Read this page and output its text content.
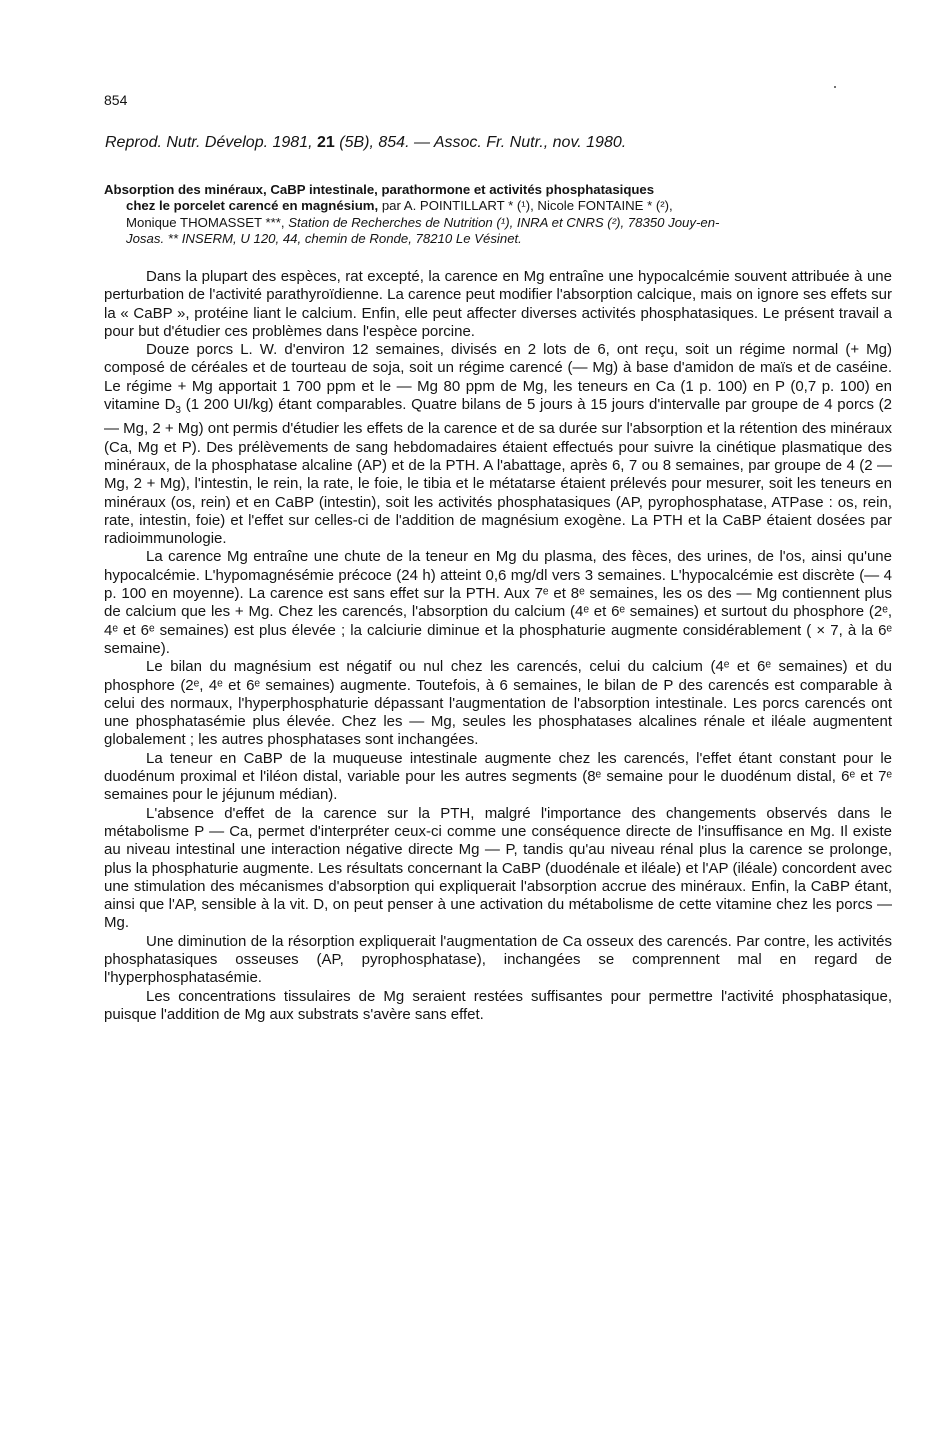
854
Reprod. Nutr. Dévelop. 1981, 21 (5B), 854. — Assoc. Fr. Nutr., nov. 1980.
Absorption des minéraux, CaBP intestinale, parathormone et activités phosphatasiques
chez le porcelet carencé en magnésium, par A. POINTILLART * (¹), Nicole FONTAINE * (²),
Monique THOMASSET ***, Station de Recherches de Nutrition (¹), INRA et CNRS (²), 78350 Jouy-en-
Josas. ** INSERM, U 120, 44, chemin de Ronde, 78210 Le Vésinet.

Dans la plupart des espèces, rat excepté, la carence en Mg entraîne une hypocalcémie souvent attribuée à une perturbation de l'activité parathyroïdienne. La carence peut modifier l'absorption calcique, mais on ignore ses effets sur la « CaBP », protéine liant le calcium. Enfin, elle peut affecter diverses activités phosphatasiques. Le présent travail a pour but d'étudier ces problèmes dans l'espèce porcine.

Douze porcs L. W. d'environ 12 semaines, divisés en 2 lots de 6, ont reçu, soit un régime normal (+ Mg) composé de céréales et de tourteau de soja, soit un régime carencé (— Mg) à base d'amidon de maïs et de caséine. Le régime + Mg apportait 1 700 ppm et le — Mg 80 ppm de Mg, les teneurs en Ca (1 p. 100) en P (0,7 p. 100) en vitamine $D_3$ (1 200 UI/kg) étant comparables. Quatre bilans de 5 jours à 15 jours d'intervalle par groupe de 4 porcs (2 — Mg, 2 + Mg) ont permis d'étudier les effets de la carence et de sa durée sur l'absorption et la rétention des minéraux (Ca, Mg et P). Des prélèvements de sang hebdomadaires étaient effectués pour suivre la cinétique plasmatique des minéraux, de la phosphatase alcaline (AP) et de la PTH. A l'abattage, après 6, 7 ou 8 semaines, par groupe de 4 (2 — Mg, 2 + Mg), l'intestin, le rein, la rate, le foie, le tibia et le métatarse étaient prélevés pour mesurer, soit les teneurs en minéraux (os, rein) et en CaBP (intestin), soit les activités phosphatasiques (AP, pyrophosphatase, ATPase : os, rein, rate, intestin, foie) et l'effet sur celles-ci de l'addition de magnésium exogène. La PTH et la CaBP étaient dosées par radioimmunologie.

La carence Mg entraîne une chute de la teneur en Mg du plasma, des fèces, des urines, de l'os, ainsi qu'une hypocalcémie. L'hypomagnésémie précoce (24 h) atteint 0,6 mg/dl vers 3 semaines. L'hypocalcémie est discrète (— 4 p. 100 en moyenne). La carence est sans effet sur la PTH. Aux 7ᵉ et 8ᵉ semaines, les os des — Mg contiennent plus de calcium que les + Mg. Chez les carencés, l'absorption du calcium (4ᵉ et 6ᵉ semaines) et surtout du phosphore (2ᵉ, 4ᵉ et 6ᵉ semaines) est plus élevée ; la calciurie diminue et la phosphaturie augmente considérablement ( × 7, à la 6ᵉ semaine).

Le bilan du magnésium est négatif ou nul chez les carencés, celui du calcium (4ᵉ et 6ᵉ semaines) et du phosphore (2ᵉ, 4ᵉ et 6ᵉ semaines) augmente. Toutefois, à 6 semaines, le bilan de P des carencés est comparable à celui des normaux, l'hyperphosphaturie dépassant l'augmentation de l'absorption intestinale. Les porcs carencés ont une phosphatasémie plus élevée. Chez les — Mg, seules les phosphatases alcalines rénale et iléale augmentent globalement ; les autres phosphatases sont inchangées.

La teneur en CaBP de la muqueuse intestinale augmente chez les carencés, l'effet étant constant pour le duodénum proximal et l'iléon distal, variable pour les autres segments (8ᵉ semaine pour le duodénum distal, 6ᵉ et 7ᵉ semaines pour le jéjunum médian).

L'absence d'effet de la carence sur la PTH, malgré l'importance des changements observés dans le métabolisme P — Ca, permet d'interpréter ceux-ci comme une conséquence directe de l'insuffisance en Mg. Il existe au niveau intestinal une interaction négative directe Mg — P, tandis qu'au niveau rénal plus la carence se prolonge, plus la phosphaturie augmente. Les résultats concernant la CaBP (duodénale et iléale) et l'AP (iléale) concordent avec une stimulation des mécanismes d'absorption qui expliquerait l'absorption accrue des minéraux. Enfin, la CaBP étant, ainsi que l'AP, sensible à la vit. D, on peut penser à une activation du métabolisme de cette vitamine chez les porcs — Mg.

Une diminution de la résorption expliquerait l'augmentation de Ca osseux des carencés. Par contre, les activités phosphatasiques osseuses (AP, pyrophosphatase), inchangées se comprennent mal en regard de l'hyperphosphatasémie.

Les concentrations tissulaires de Mg seraient restées suffisantes pour permettre l'activité phosphatasique, puisque l'addition de Mg aux substrats s'avère sans effet.
